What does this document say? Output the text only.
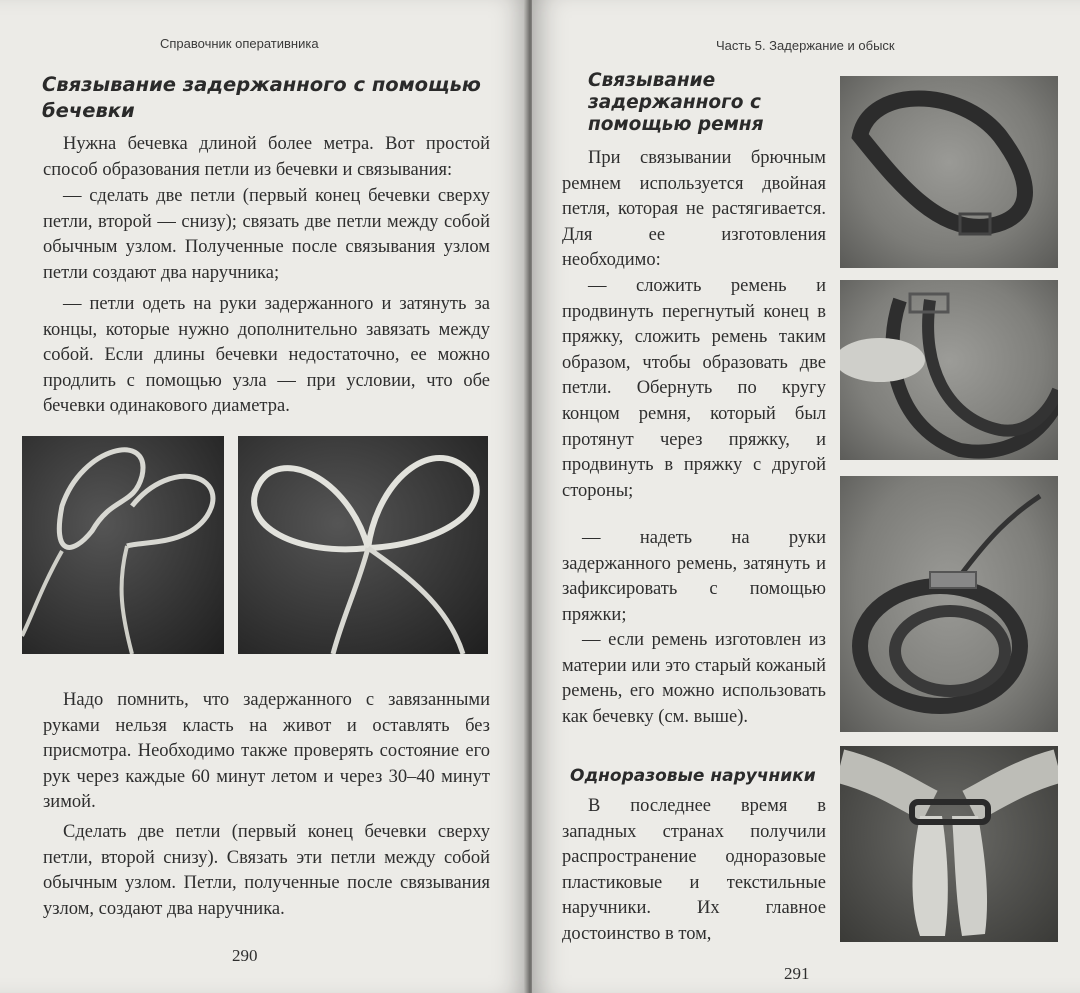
Справочник оперативника
Связывание задержанного с помощью бечевки

Нужна бечевка длиной более метра. Вот простой способ образования петли из бечевки и связывания:

— сделать две петли (первый конец бечевки сверху петли, второй — снизу); связать две петли между собой обычным узлом. Полученные после связывания узлом петли создают два наручника;

— петли одеть на руки задержанного и затянуть за концы, которые нужно дополнительно завязать между собой. Если длины бечевки недостаточно, ее можно продлить с помощью узла — при условии, что обе бечевки одинакового диаметра.

Надо помнить, что задержанного с завязанными руками нельзя класть на живот и оставлять без присмотра. Необходимо также проверять состояние его рук через каждые 60 минут летом и через 30–40 минут зимой.

Сделать две петли (первый конец бечевки сверху петли, второй снизу). Связать эти петли между собой обычным узлом. Петли, полученные после связывания узлом, создают два наручника.

290
Часть 5. Задержание и обыск
Связывание задержанного с помощью ремня

При связывании брючным ремнем используется двойная петля, которая не растягивается. Для ее изготовления необходимо:

— сложить ремень и продвинуть перегнутый конец в пряжку, сложить ремень таким образом, чтобы образовать две петли. Обернуть по кругу концом ремня, который был протянут через пряжку, и продвинуть в пряжку с другой стороны;

— надеть на руки задержанного ремень, затянуть и зафиксировать с помощью пряжки;

— если ремень изготовлен из материи или это старый кожаный ремень, его можно использовать как бечевку (см. выше).

Одноразовые наручники

В последнее время в западных странах получили распространение одноразовые пластиковые и текстильные наручники. Их главное достоинство в том,

291
